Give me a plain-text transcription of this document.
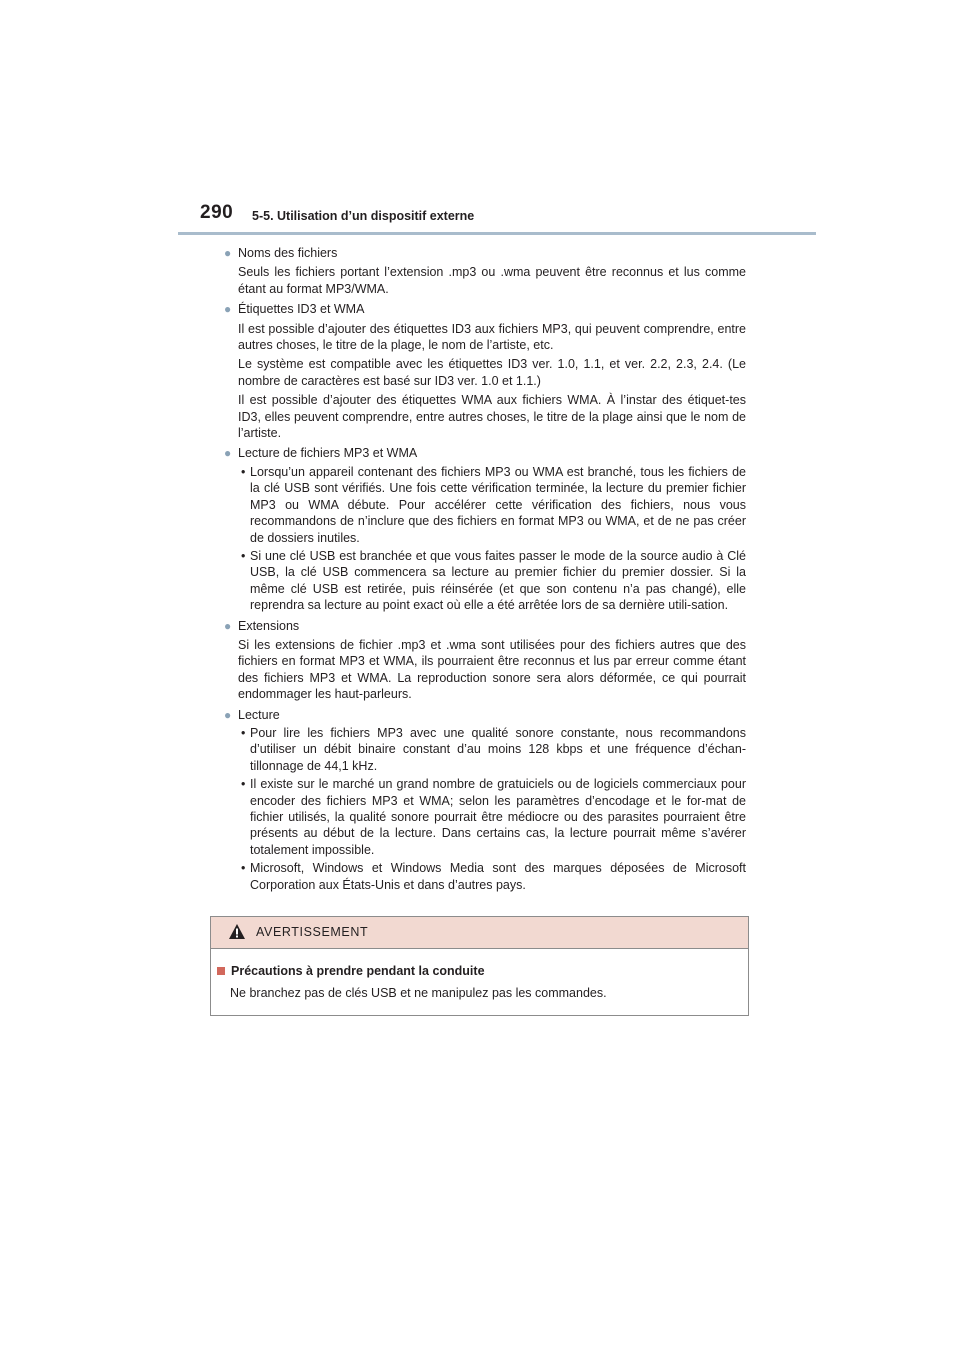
290 5-5. Utilisation d’un dispositif externe
● Noms des fichiers
Seuls les fichiers portant l’extension .mp3 ou .wma peuvent être reconnus et lus comme étant au format MP3/WMA.
● Étiquettes ID3 et WMA
Il est possible d’ajouter des étiquettes ID3 aux fichiers MP3, qui peuvent comprendre, entre autres choses, le titre de la plage, le nom de l’artiste, etc.
Le système est compatible avec les étiquettes ID3 ver. 1.0, 1.1, et ver. 2.2, 2.3, 2.4. (Le nombre de caractères est basé sur ID3 ver. 1.0 et 1.1.)
Il est possible d’ajouter des étiquettes WMA aux fichiers WMA. À l’instar des étiquet-tes ID3, elles peuvent comprendre, entre autres choses, le titre de la plage ainsi que le nom de l’artiste.
● Lecture de fichiers MP3 et WMA
• Lorsqu’un appareil contenant des fichiers MP3 ou WMA est branché, tous les fichiers de la clé USB sont vérifiés. Une fois cette vérification terminée, la lecture du premier fichier MP3 ou WMA débute. Pour accélérer cette vérification des fichiers, nous vous recommandons de n’inclure que des fichiers en format MP3 ou WMA, et de ne pas créer de dossiers inutiles.
• Si une clé USB est branchée et que vous faites passer le mode de la source audio à Clé USB, la clé USB commencera sa lecture au premier fichier du premier dossier. Si la même clé USB est retirée, puis réinsérée (et que son contenu n’a pas changé), elle reprendra sa lecture au point exact où elle a été arrêtée lors de sa dernière utili-sation.
● Extensions
Si les extensions de fichier .mp3 et .wma sont utilisées pour des fichiers autres que des fichiers en format MP3 et WMA, ils pourraient être reconnus et lus par erreur comme étant des fichiers MP3 et WMA. La reproduction sonore sera alors déformée, ce qui pourrait endommager les haut-parleurs.
● Lecture
• Pour lire les fichiers MP3 avec une qualité sonore constante, nous recommandons d’utiliser un débit binaire constant d’au moins 128 kbps et une fréquence d’échan-tillonnage de 44,1 kHz.
• Il existe sur le marché un grand nombre de gratuiciels ou de logiciels commerciaux pour encoder des fichiers MP3 et WMA; selon les paramètres d’encodage et le for-mat de fichier utilisés, la qualité sonore pourrait être médiocre ou des parasites pourraient être présents au début de la lecture. Dans certains cas, la lecture pourrait même s’avérer totalement impossible.
• Microsoft, Windows et Windows Media sont des marques déposées de Microsoft Corporation aux États-Unis et dans d’autres pays.
AVERTISSEMENT
Précautions à prendre pendant la conduite
Ne branchez pas de clés USB et ne manipulez pas les commandes.
